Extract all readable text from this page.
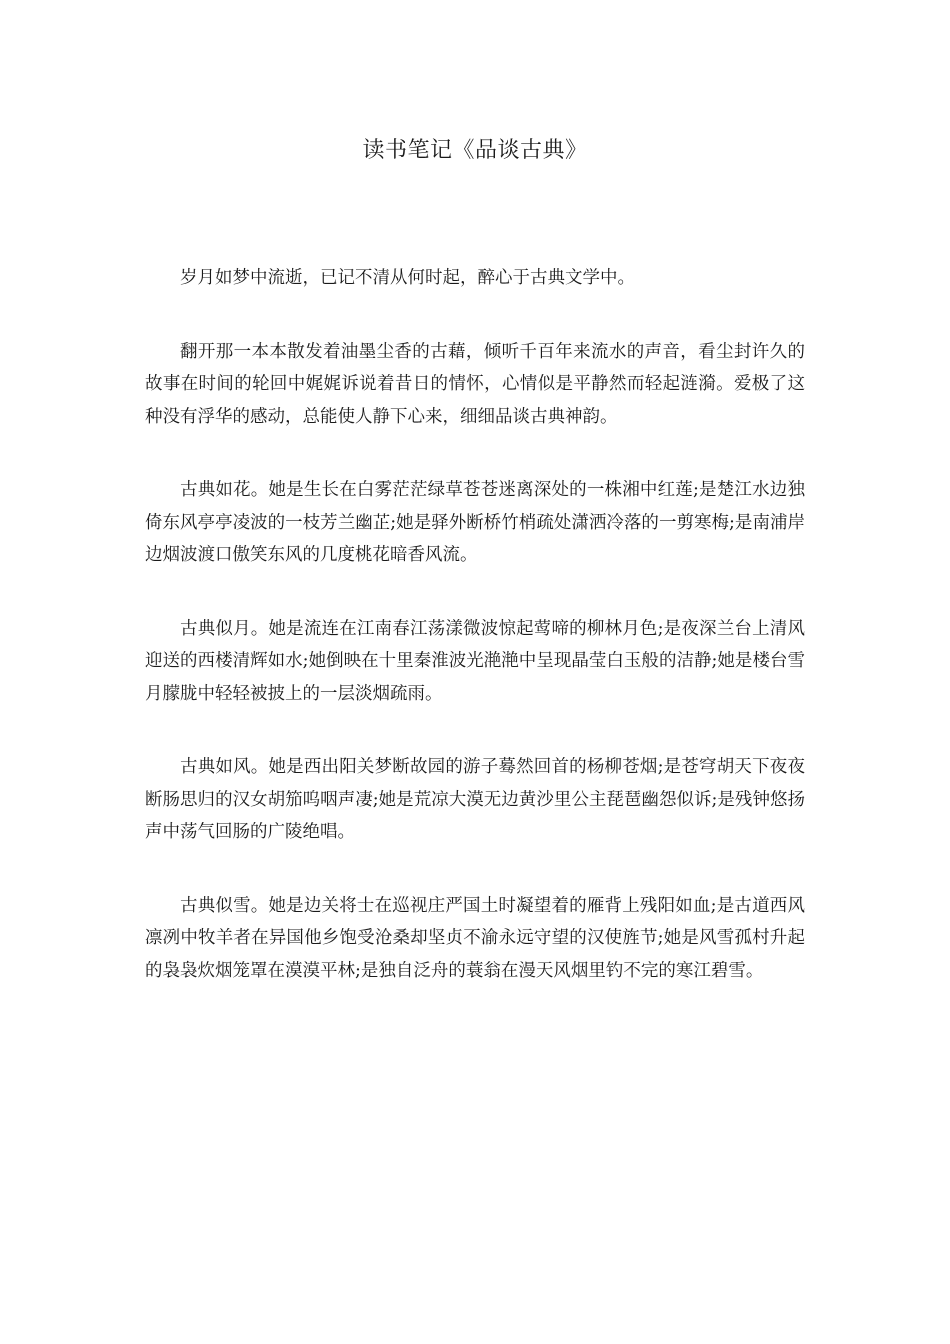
读书笔记《品谈古典》

岁月如梦中流逝，已记不清从何时起，醉心于古典文学中。

翻开那一本本散发着油墨尘香的古藉，倾听千百年来流水的声音，看尘封许久的故事在时间的轮回中娓娓诉说着昔日的情怀，心情似是平静然而轻起涟漪。爱极了这种没有浮华的感动，总能使人静下心来，细细品谈古典神韵。

古典如花。她是生长在白雾茫茫绿草苍苍迷离深处的一株湘中红莲;是楚江水边独倚东风亭亭凌波的一枝芳兰幽芷;她是驿外断桥竹梢疏处潇洒冷落的一剪寒梅;是南浦岸边烟波渡口傲笑东风的几度桃花暗香风流。

古典似月。她是流连在江南春江荡漾微波惊起莺啼的柳林月色;是夜深兰台上清风迎送的西楼清辉如水;她倒映在十里秦淮波光滟滟中呈现晶莹白玉般的洁静;她是楼台雪月朦胧中轻轻被披上的一层淡烟疏雨。

古典如风。她是西出阳关梦断故园的游子蓦然回首的杨柳苍烟;是苍穹胡天下夜夜断肠思归的汉女胡笳呜咽声凄;她是荒凉大漠无边黄沙里公主琵琶幽怨似诉;是残钟悠扬声中荡气回肠的广陵绝唱。

古典似雪。她是边关将士在巡视庄严国土时凝望着的雁背上残阳如血;是古道西风凛冽中牧羊者在异国他乡饱受沧桑却坚贞不渝永远守望的汉使旌节;她是风雪孤村升起的袅袅炊烟笼罩在漠漠平林;是独自泛舟的蓑翁在漫天风烟里钓不完的寒江碧雪。
